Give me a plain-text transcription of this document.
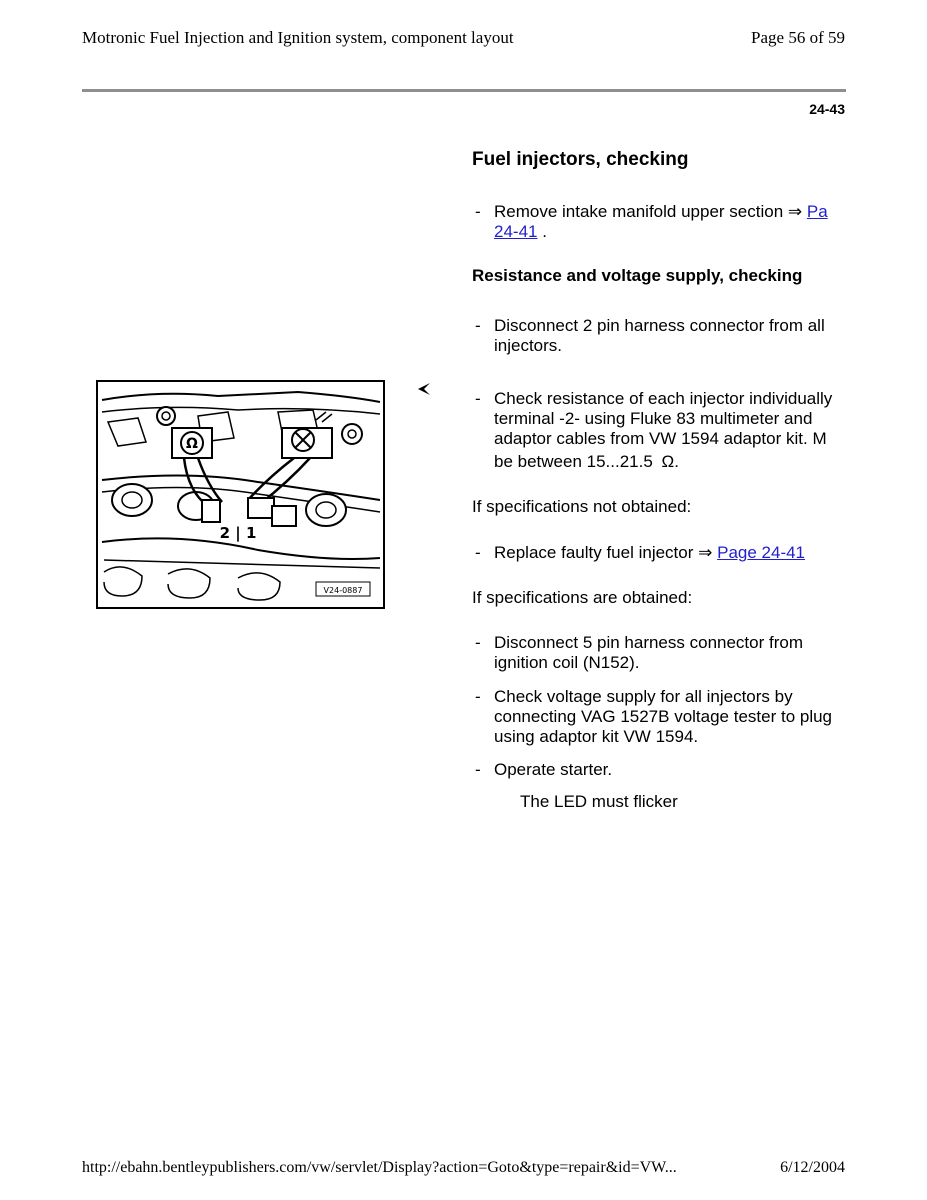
Motronic Fuel Injection and Ignition system, component layout	Page 56 of 59
24-43
Fuel injectors, checking
- Remove intake manifold upper section ⇒ Pa
24-41 .
Resistance and voltage supply, checking
- Disconnect 2 pin harness connector from all
injectors.
- Check resistance of each injector individually
terminal -2- using Fluke 83 multimeter and
adaptor cables from VW 1594 adaptor kit. M
be between 15...21.5 Ω.
If specifications not obtained:
- Replace faulty fuel injector ⇒ Page 24-41
If specifications are obtained:
- Disconnect 5 pin harness connector from
ignition coil (N152).
- Check voltage supply for all injectors by
connecting VAG 1527B voltage tester to plug
using adaptor kit VW 1594.
- Operate starter.
The LED must flicker
Ω
2 | 1
V24-0887
http://ebahn.bentleypublishers.com/vw/servlet/Display?action=Goto&type=repair&id=VW...	6/12/2004
